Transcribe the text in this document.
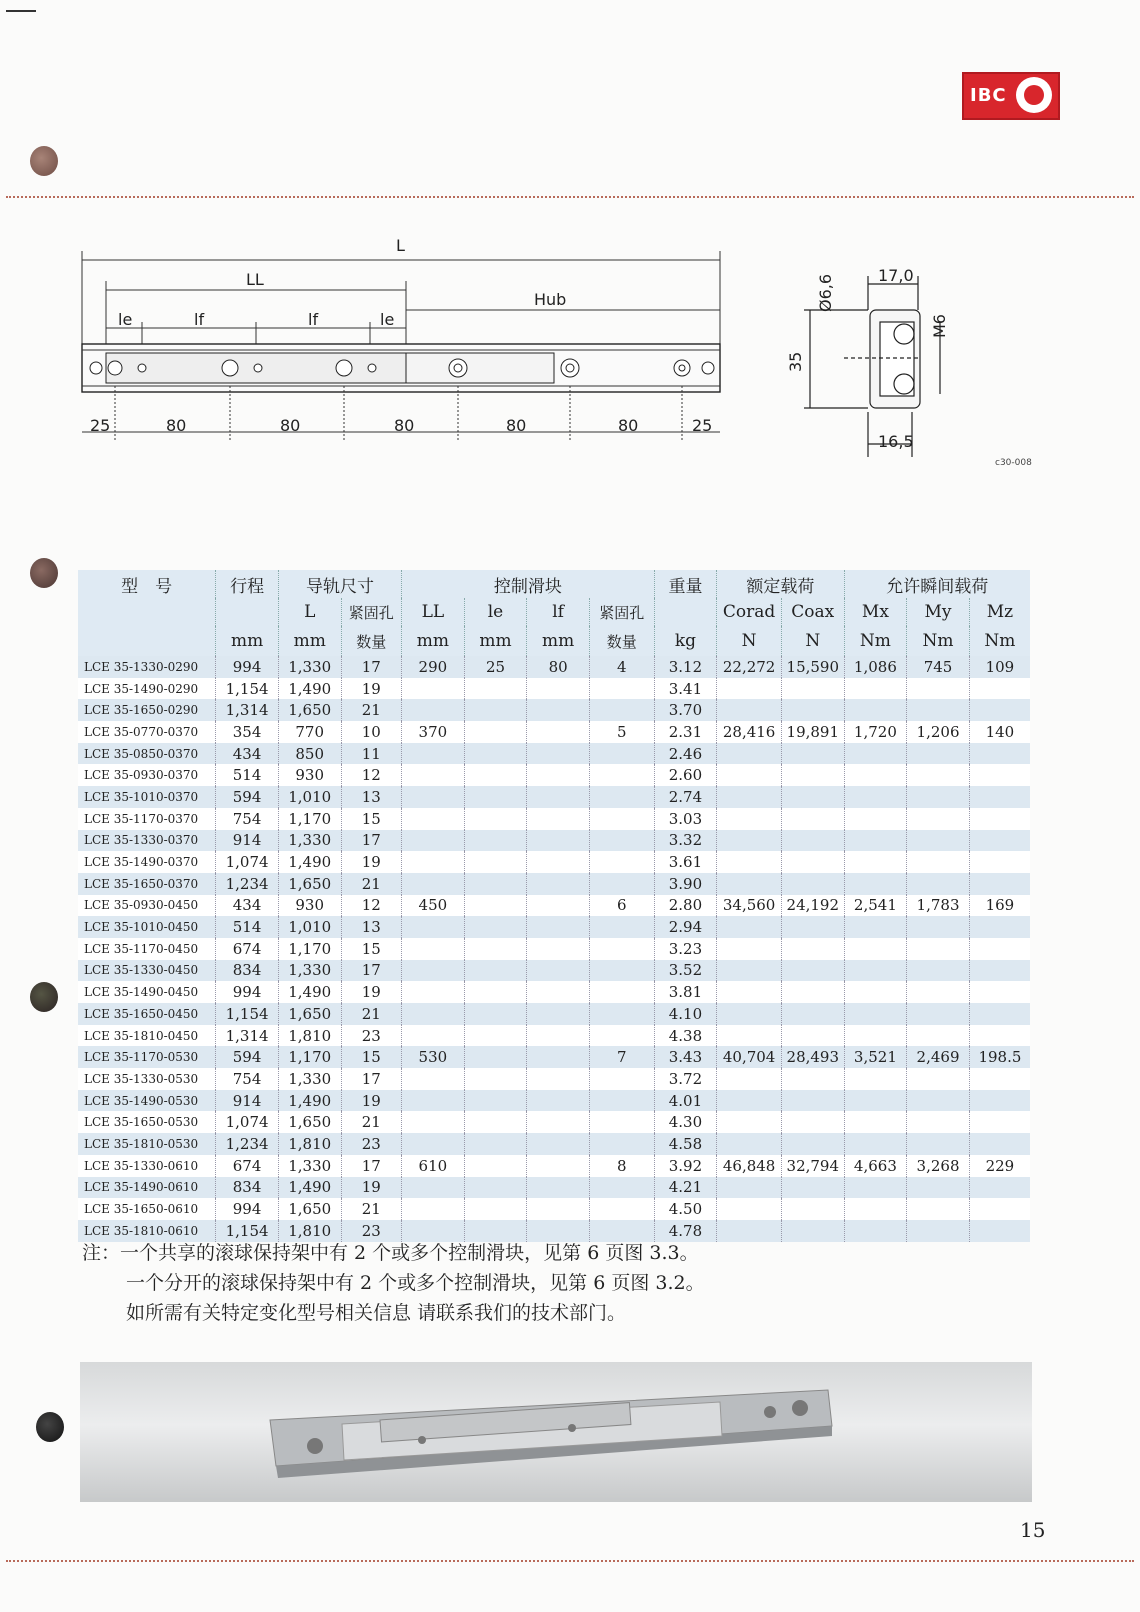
IBC
L
LL
Hub
le	lf	lf	le
25	80	80	80	80	80	25
17,0
Ø6,6
35
M6
16,5
c30-008
型　号	行程	导轨尺寸		控制滑块				重量	额定载荷		允许瞬间载荷		
		L	紧固孔	LL	le	lf	紧固孔		Corad	Coax	Mx	My	Mz
	mm	mm	数量	mm	mm	mm	数量	kg	N	N	Nm	Nm	Nm
LCE 35-1330-0290	994	1,330	17	290	25	80	4	3.12	22,272	15,590	1,086	745	109
LCE 35-1490-0290	1,154	1,490	19					3.41					
LCE 35-1650-0290	1,314	1,650	21					3.70					
LCE 35-0770-0370	354	770	10	370			5	2.31	28,416	19,891	1,720	1,206	140
LCE 35-0850-0370	434	850	11					2.46					
LCE 35-0930-0370	514	930	12					2.60					
LCE 35-1010-0370	594	1,010	13					2.74					
LCE 35-1170-0370	754	1,170	15					3.03					
LCE 35-1330-0370	914	1,330	17					3.32					
LCE 35-1490-0370	1,074	1,490	19					3.61					
LCE 35-1650-0370	1,234	1,650	21					3.90					
LCE 35-0930-0450	434	930	12	450			6	2.80	34,560	24,192	2,541	1,783	169
LCE 35-1010-0450	514	1,010	13					2.94					
LCE 35-1170-0450	674	1,170	15					3.23					
LCE 35-1330-0450	834	1,330	17					3.52					
LCE 35-1490-0450	994	1,490	19					3.81					
LCE 35-1650-0450	1,154	1,650	21					4.10					
LCE 35-1810-0450	1,314	1,810	23					4.38					
LCE 35-1170-0530	594	1,170	15	530			7	3.43	40,704	28,493	3,521	2,469	198.5
LCE 35-1330-0530	754	1,330	17					3.72					
LCE 35-1490-0530	914	1,490	19					4.01					
LCE 35-1650-0530	1,074	1,650	21					4.30					
LCE 35-1810-0530	1,234	1,810	23					4.58					
LCE 35-1330-0610	674	1,330	17	610			8	3.92	46,848	32,794	4,663	3,268	229
LCE 35-1490-0610	834	1,490	19					4.21					
LCE 35-1650-0610	994	1,650	21					4.50					
LCE 35-1810-0610	1,154	1,810	23					4.78					
注：一个共享的滚球保持架中有 2 个或多个控制滑块，见第 6 页图 3.3。
一个分开的滚球保持架中有 2 个或多个控制滑块，见第 6 页图 3.2。
如所需有关特定变化型号相关信息 请联系我们的技术部门。
15
